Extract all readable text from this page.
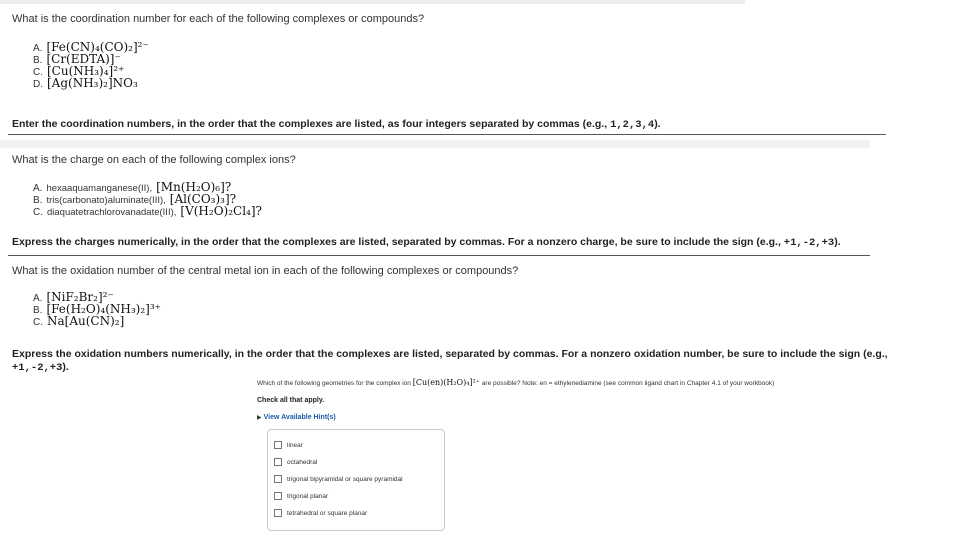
What is the coordination number for each of the following complexes or compounds?
A. [Fe(CN)₄(CO)₂]²⁻
B. [Cr(EDTA)]⁻
C. [Cu(NH₃)₄]²⁺
D. [Ag(NH₃)₂]NO₃
Enter the coordination numbers, in the order that the complexes are listed, as four integers separated by commas (e.g., 1,2,3,4).
What is the charge on each of the following complex ions?
A. hexaaquamanganese(II), [Mn(H₂O)₆]?
B. tris(carbonato)aluminate(III), [Al(CO₃)₃]?
C. diaquatetrachlorovanadate(III), [V(H₂O)₂Cl₄]?
Express the charges numerically, in the order that the complexes are listed, separated by commas. For a nonzero charge, be sure to include the sign (e.g., +1,-2,+3).
What is the oxidation number of the central metal ion in each of the following complexes or compounds?
A. [NiF₂Br₂]²⁻
B. [Fe(H₂O)₄(NH₃)₂]³⁺
C. Na[Au(CN)₂]
Express the oxidation numbers numerically, in the order that the complexes are listed, separated by commas. For a nonzero oxidation number, be sure to include the sign (e.g., +1,-2,+3).
Which of the following geometries for the complex ion [Cu(en)(H₂O)₄]²⁺ are possible? Note: en = ethylenediamine (see common ligand chart in Chapter 4.1 of your workbook)
Check all that apply.
▶ View Available Hint(s)
linear
octahedral
trigonal bipyramidal or square pyramidal
trigonal planar
tetrahedral or square planar
